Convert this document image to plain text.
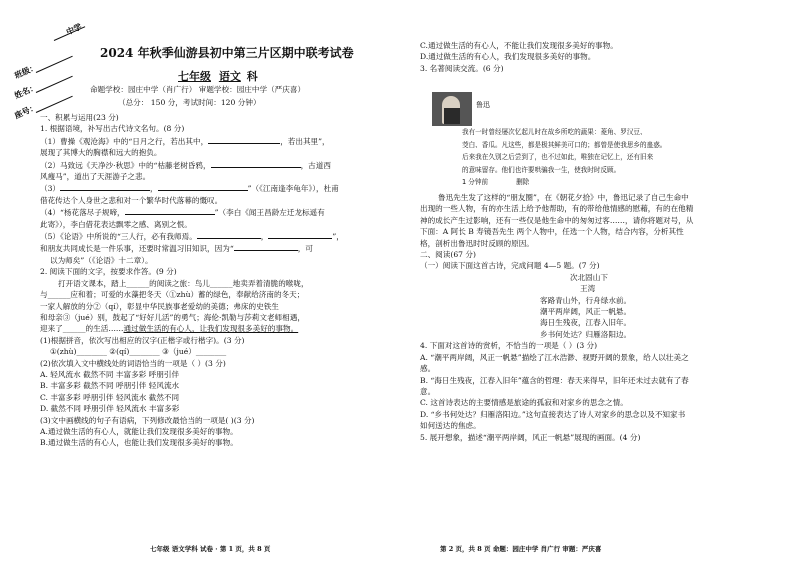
中学
班级：
姓名：
座号：
2024 年秋季仙游县初中第三片区期中联考试卷
七年级 语文 科
命题学校：园庄中学（肖广行） 审题学校：园庄中学（严庆喜）
（总分： 150 分，考试时间：120 分钟）

一、积累与运用(23 分)

1. 根据语境，补写出古代诗文名句。(8 分)

（1）曹操《观沧海》中的“日月之行，若出其中，	，若出其里”，

展现了其博大的胸襟和远大的抱负。

（2）马致远《天净沙·秋思》中的“枯藤老树昏鸦，	，古道西

风瘦马”，道出了天涯游子之悲。

（3）	，	”（《江南逢李龟年》），杜甫

借花传达个人身世之悲和对一个繁华时代落幕的慨叹。

（4）“杨花落尽子规啼，	”（李白《闻王昌龄左迁龙标遥有

此寄》），李白借花表达飘零之感、离别之恨。

（5）《论语》中所说的“三人行，必有我师焉。	，	”，

和朋友共同成长是一件乐事，还要时常温习旧知识，因为“	，可

以为师矣”（《论语》十二章）。

2. 阅读下面的文字，按要求作答。(9 分)

打开语文课本，踏上______的阅读之旅：鸟儿______地卖弄着清脆的喉咙，

与______应和着；可爱的水藻把冬天（①zhù）蓄的绿色，奉献给济南的冬天；

一家人解放的分②（qí），彰显中华民族事老爱幼的美德；弗床的史铁生

和母亲③（jué）别，鼓起了“好好儿活”的勇气；海伦·凯勒与莎莉文老师相遇，

迎来了______的生活……通过做生活的有心人，让我们发现很多美好的事物。

(1)根据拼音，依次写出相应的汉字(正楷字或行楷字)。(3 分)

①(zhù)________ ②(qí)________ ③（jué）________

(2)依次填入文中横线处的词语恰当的一项是（ ）(3 分)

A. 轻风流水 截然不同 丰富多彩 呼朋引伴

B. 丰富多彩 截然不同 呼朋引伴 轻风流水

C. 丰富多彩 呼朋引伴 轻风流水 截然不同

D. 截然不同 呼朋引伴 轻风流水 丰富多彩

(3)文中画横线的句子有语病，下列修改最恰当的一项是( )(3 分)

A.通过做生活的有心人，就能让我们发现很多美好的事物。

B.通过做生活的有心人，也能让我们发现很多美好的事物。

C.通过做生活的有心人，不能让我们发现很多美好的事物。

D.通过做生活的有心人，我们发现很多美好的事物。

3. 名著阅读交流。(6 分)

鲁迅
我有一时曾经屡次忆起儿时在故乡所吃的蔬果：菱角、罗汉豆、
茭白、香瓜。凡这些，都是极其鲜美可口的；都曾是使我思乡的蛊惑。
后来我在久别之后尝到了，也不过如此，唯独在记忆上，还有旧来
的意味留存。他们也许要哄骗我一生，使我时时反顾。
1 分钟前	删除

鲁迅先生发了这样的“朋友圈”，在《朝花夕拾》中，鲁迅记录了自己生命中

出现的一些人物，有的亦生活上给予他帮助，有的带给他情感的慰藉，有的在他精

神的成长产生过影响，还有一些仅是他生命中的匆匆过客……，请你将题对号，从

下面：A 阿长 B 寿镜吾先生 两个人物中，任选一个人物，结合内容，分析其性

格，剖析出鲁迅时时反顾的原因。

二、阅读(67 分)

（一）阅读下面这首古诗，完成问题 4—5 题。(7 分)

次北固山下

王湾

客路青山外，行舟绿水前。

潮平两岸阔，风正一帆悬。

海日生残夜，江春入旧年。

乡书何处达？归雁洛阳边。

4. 下面对这首诗的赏析，不恰当的一项是（ ）(3 分)

A. “潮平两岸阔，风正一帆悬”描绘了江水浩渺、视野开阔的景象，给人以壮美之

感。

B. “海日生残夜，江春入旧年”蕴含的哲理：春天来得早，旧年还未过去就有了春

意。

C. 这首诗表达的主要情感是旅途的孤寂和对家乡的思念之情。

D. “乡书何处达？归雁洛阳边。”这句直接表达了诗人对家乡的思念以及不知家书

如何送达的焦虑。

5. 展开想象，描述“潮平两岸阔，风正一帆悬”展现的画面。(4 分)

七年级 语文学科 试卷 · 第 1 页，共 8 页	第 2 页，共 8 页 命题：园庄中学 肖广行 审题：严庆喜
